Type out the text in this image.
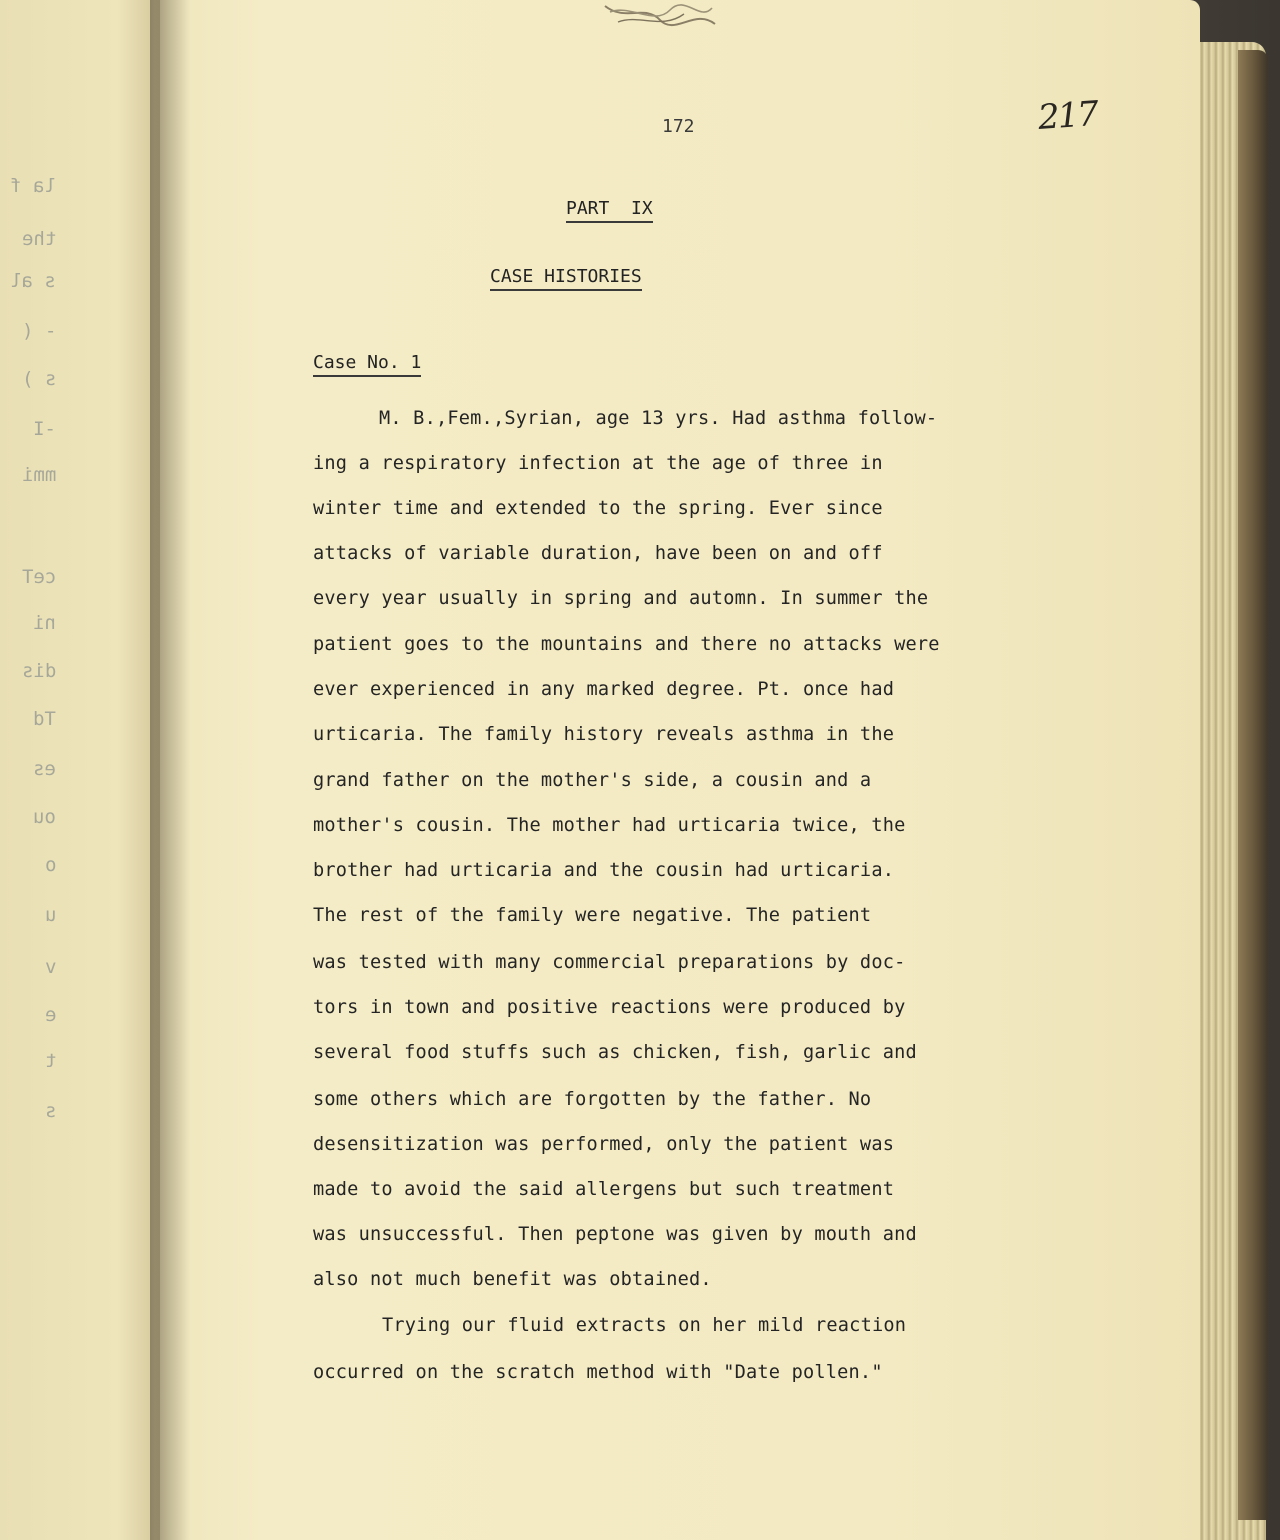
la f
the
s al
- (
s )
-I
mmi
ceT
ni
dis
Td
es
ou
o
u
v
e
t
s
172	217
PART  IX
CASE HISTORIES
Case No. 1
M. B.,Fem.,Syrian, age 13 yrs. Had asthma follow-
ing a respiratory infection at the age of three in
winter time and extended to the spring. Ever since
attacks of variable duration, have been on and off
every year usually in spring and automn. In summer the
patient goes to the mountains and there no attacks were
ever experienced in any marked degree. Pt. once had
urticaria. The family history reveals asthma in the
grand father on the mother's side, a cousin and a
mother's cousin. The mother had urticaria twice, the
brother had urticaria and the cousin had urticaria.
The rest of the family were negative. The patient
was tested with many commercial preparations by doc-
tors in town and positive reactions were produced by
several food stuffs such as chicken, fish, garlic and
some others which are forgotten by the father. No
desensitization was performed, only the patient was
made to avoid the said allergens but such treatment
was unsuccessful. Then peptone was given by mouth and
also not much benefit was obtained.
Trying our fluid extracts on her mild reaction
occurred on the scratch method with "Date pollen."
